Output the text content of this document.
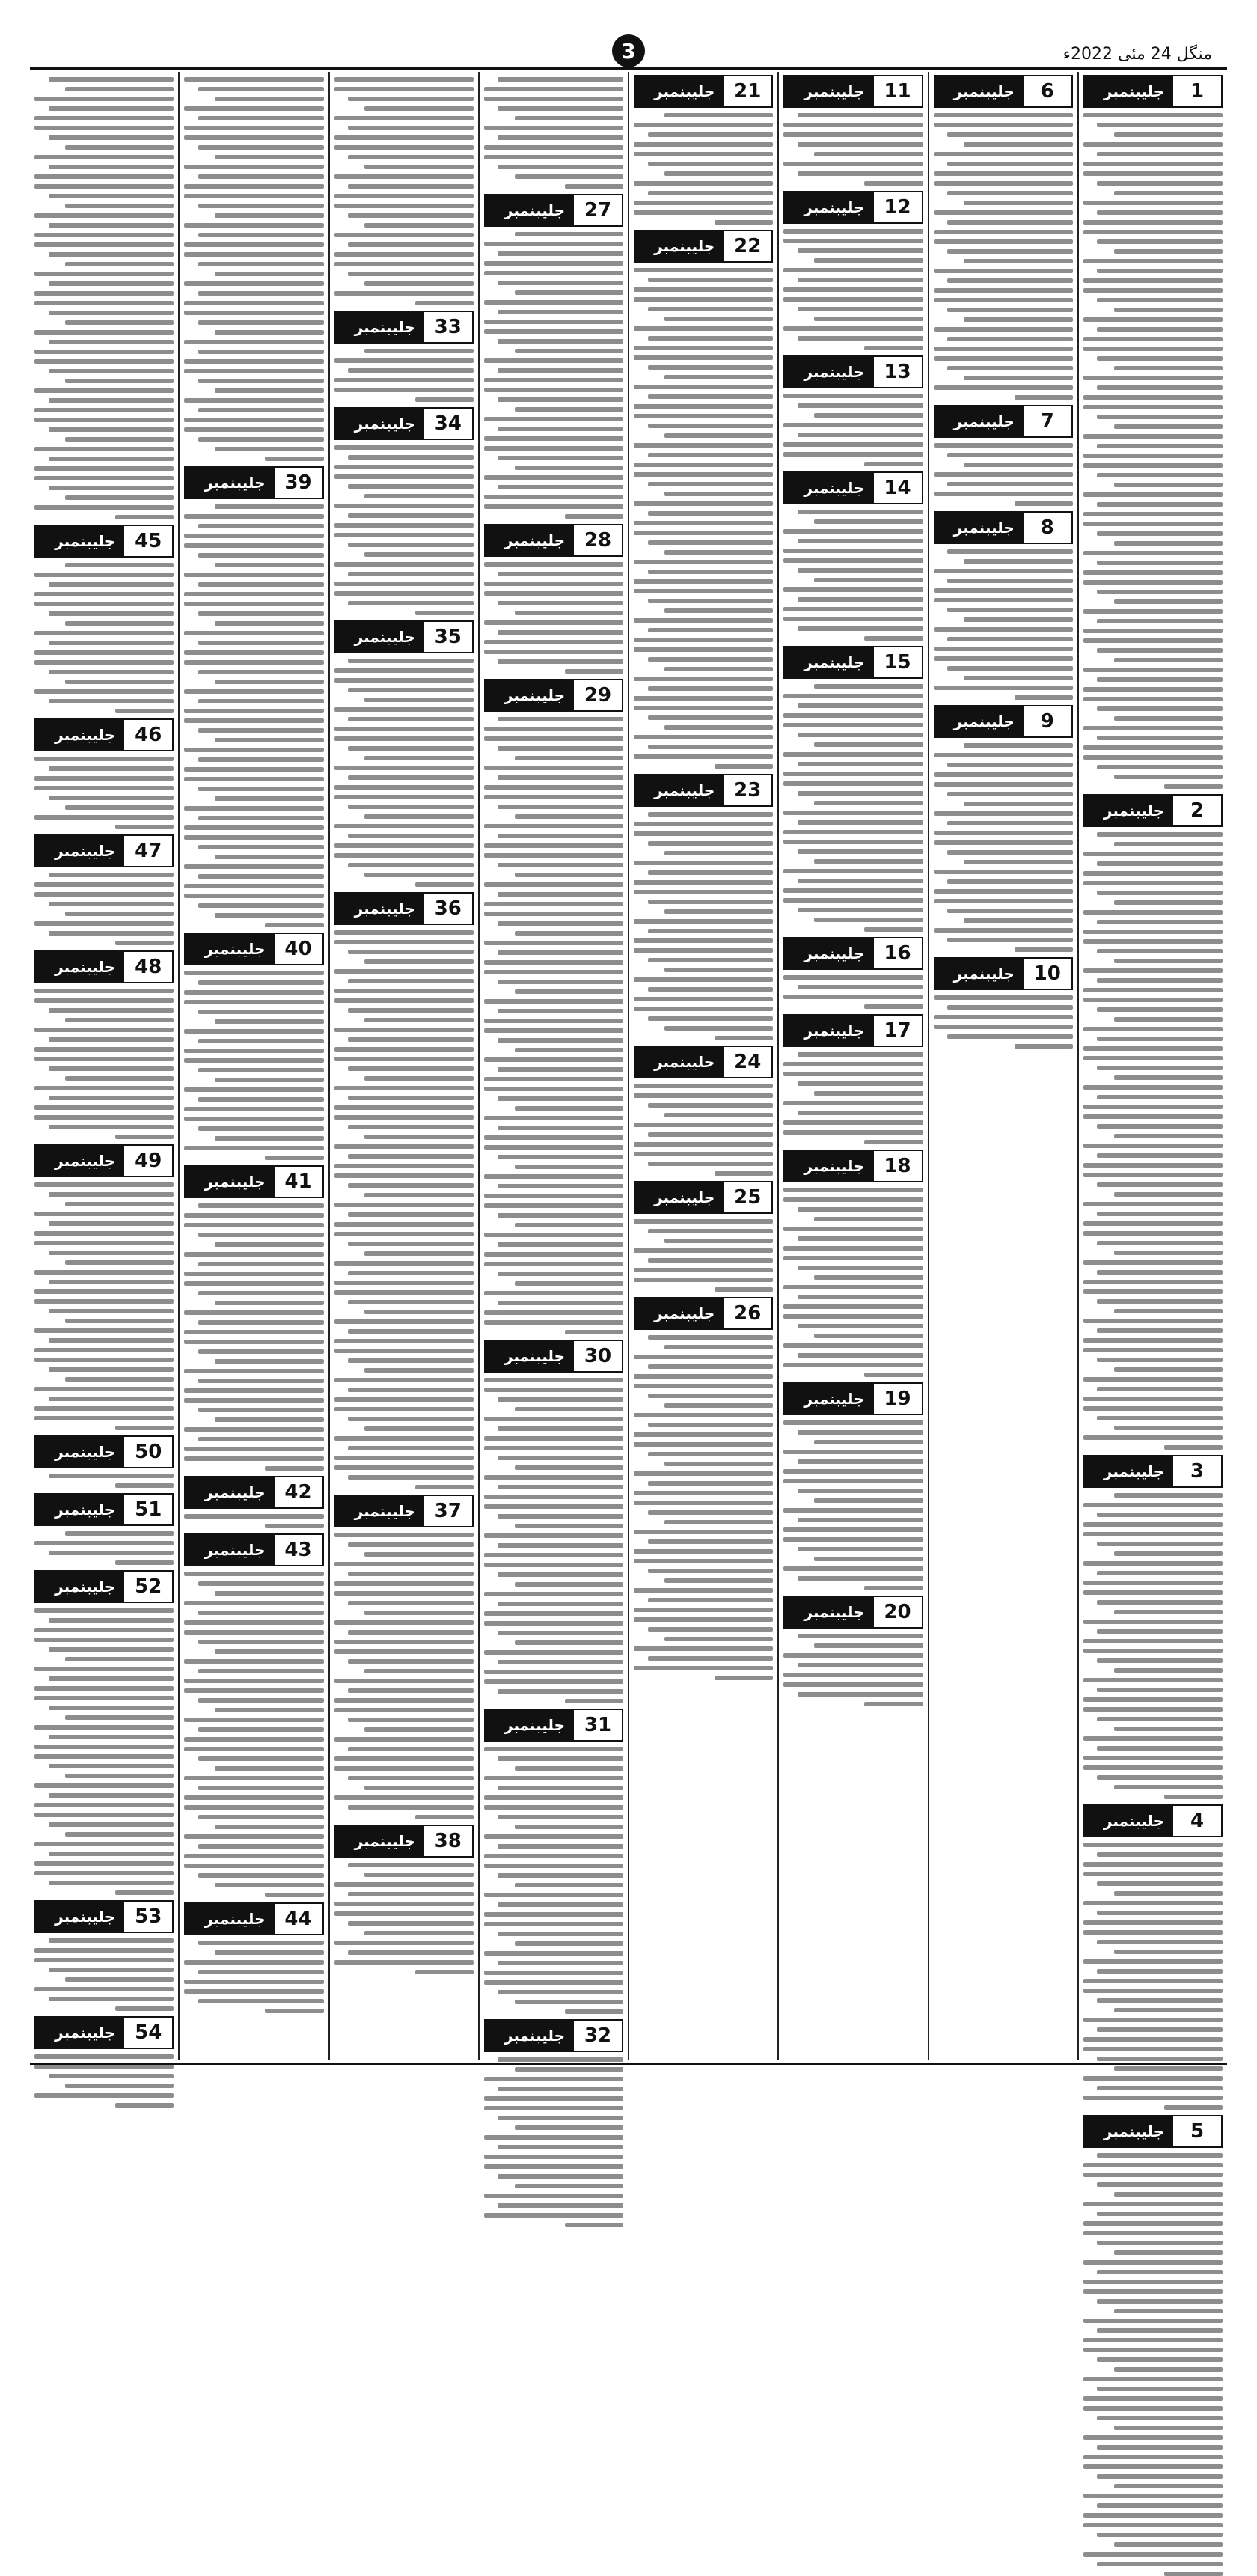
3	منگل 24 مئی 2022ء
1
جلیبنمبر
2
جلیبنمبر
3
جلیبنمبر
4
جلیبنمبر
5
جلیبنمبر
6
جلیبنمبر
7
جلیبنمبر
8
جلیبنمبر
9
جلیبنمبر
10
جلیبنمبر
11
جلیبنمبر
12
جلیبنمبر
13
جلیبنمبر
14
جلیبنمبر
15
جلیبنمبر
16
جلیبنمبر
17
جلیبنمبر
18
جلیبنمبر
19
جلیبنمبر
20
جلیبنمبر
21
جلیبنمبر
22
جلیبنمبر
23
جلیبنمبر
24
جلیبنمبر
25
جلیبنمبر
26
جلیبنمبر
27
جلیبنمبر
28
جلیبنمبر
29
جلیبنمبر
30
جلیبنمبر
31
جلیبنمبر
32
جلیبنمبر
33
جلیبنمبر
34
جلیبنمبر
35
جلیبنمبر
36
جلیبنمبر
37
جلیبنمبر
38
جلیبنمبر
39
جلیبنمبر
40
جلیبنمبر
41
جلیبنمبر
42
جلیبنمبر
43
جلیبنمبر
44
جلیبنمبر
45
جلیبنمبر
46
جلیبنمبر
47
جلیبنمبر
48
جلیبنمبر
49
جلیبنمبر
50
جلیبنمبر
51
جلیبنمبر
52
جلیبنمبر
53
جلیبنمبر
54
جلیبنمبر
